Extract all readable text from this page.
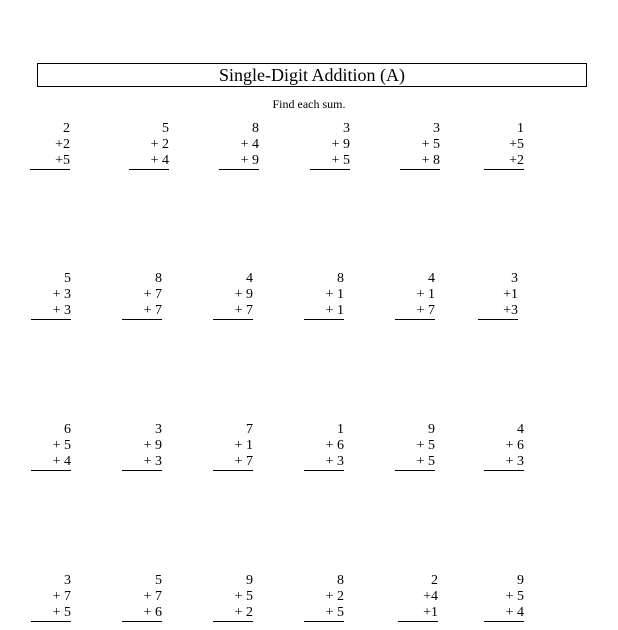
Single-Digit Addition (A)
Find each sum.
2
+2
+5
5
+ 2
+ 4
8
+ 4
+ 9
3
+ 9
+ 5
3
+ 5
+ 8
1
+5
+2
5
+ 3
+ 3
8
+ 7
+ 7
4
+ 9
+ 7
8
+ 1
+ 1
4
+ 1
+ 7
3
+1
+3
6
+ 5
+ 4
3
+ 9
+ 3
7
+ 1
+ 7
1
+ 6
+ 3
9
+ 5
+ 5
4
+ 6
+ 3
3
+ 7
+ 5
5
+ 7
+ 6
9
+ 5
+ 2
8
+ 2
+ 5
2
+4
+1
9
+ 5
+ 4
